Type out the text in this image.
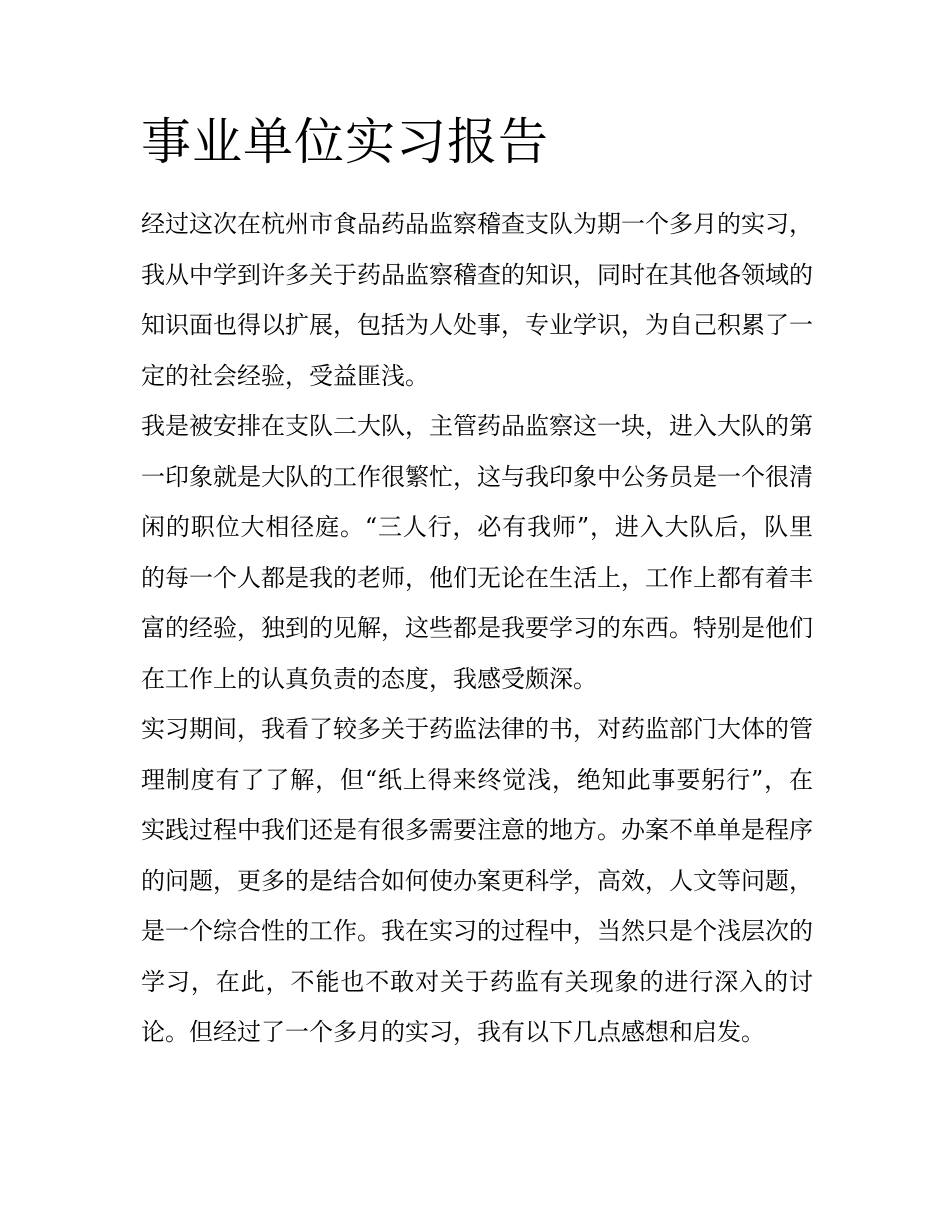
事业单位实习报告

经过这次在杭州市食品药品监察稽查支队为期一个多月的实习，我从中学到许多关于药品监察稽查的知识，同时在其他各领域的知识面也得以扩展，包括为人处事，专业学识，为自己积累了一定的社会经验，受益匪浅。

我是被安排在支队二大队，主管药品监察这一块，进入大队的第一印象就是大队的工作很繁忙，这与我印象中公务员是一个很清闲的职位大相径庭。“三人行，必有我师”，进入大队后，队里的每一个人都是我的老师，他们无论在生活上，工作上都有着丰富的经验，独到的见解，这些都是我要学习的东西。特别是他们在工作上的认真负责的态度，我感受颇深。

实习期间，我看了较多关于药监法律的书，对药监部门大体的管理制度有了了解，但“纸上得来终觉浅，绝知此事要躬行”，在实践过程中我们还是有很多需要注意的地方。办案不单单是程序的问题，更多的是结合如何使办案更科学，高效，人文等问题，是一个综合性的工作。我在实习的过程中，当然只是个浅层次的学习，在此，不能也不敢对关于药监有关现象的进行深入的讨论。但经过了一个多月的实习，我有以下几点感想和启发。
